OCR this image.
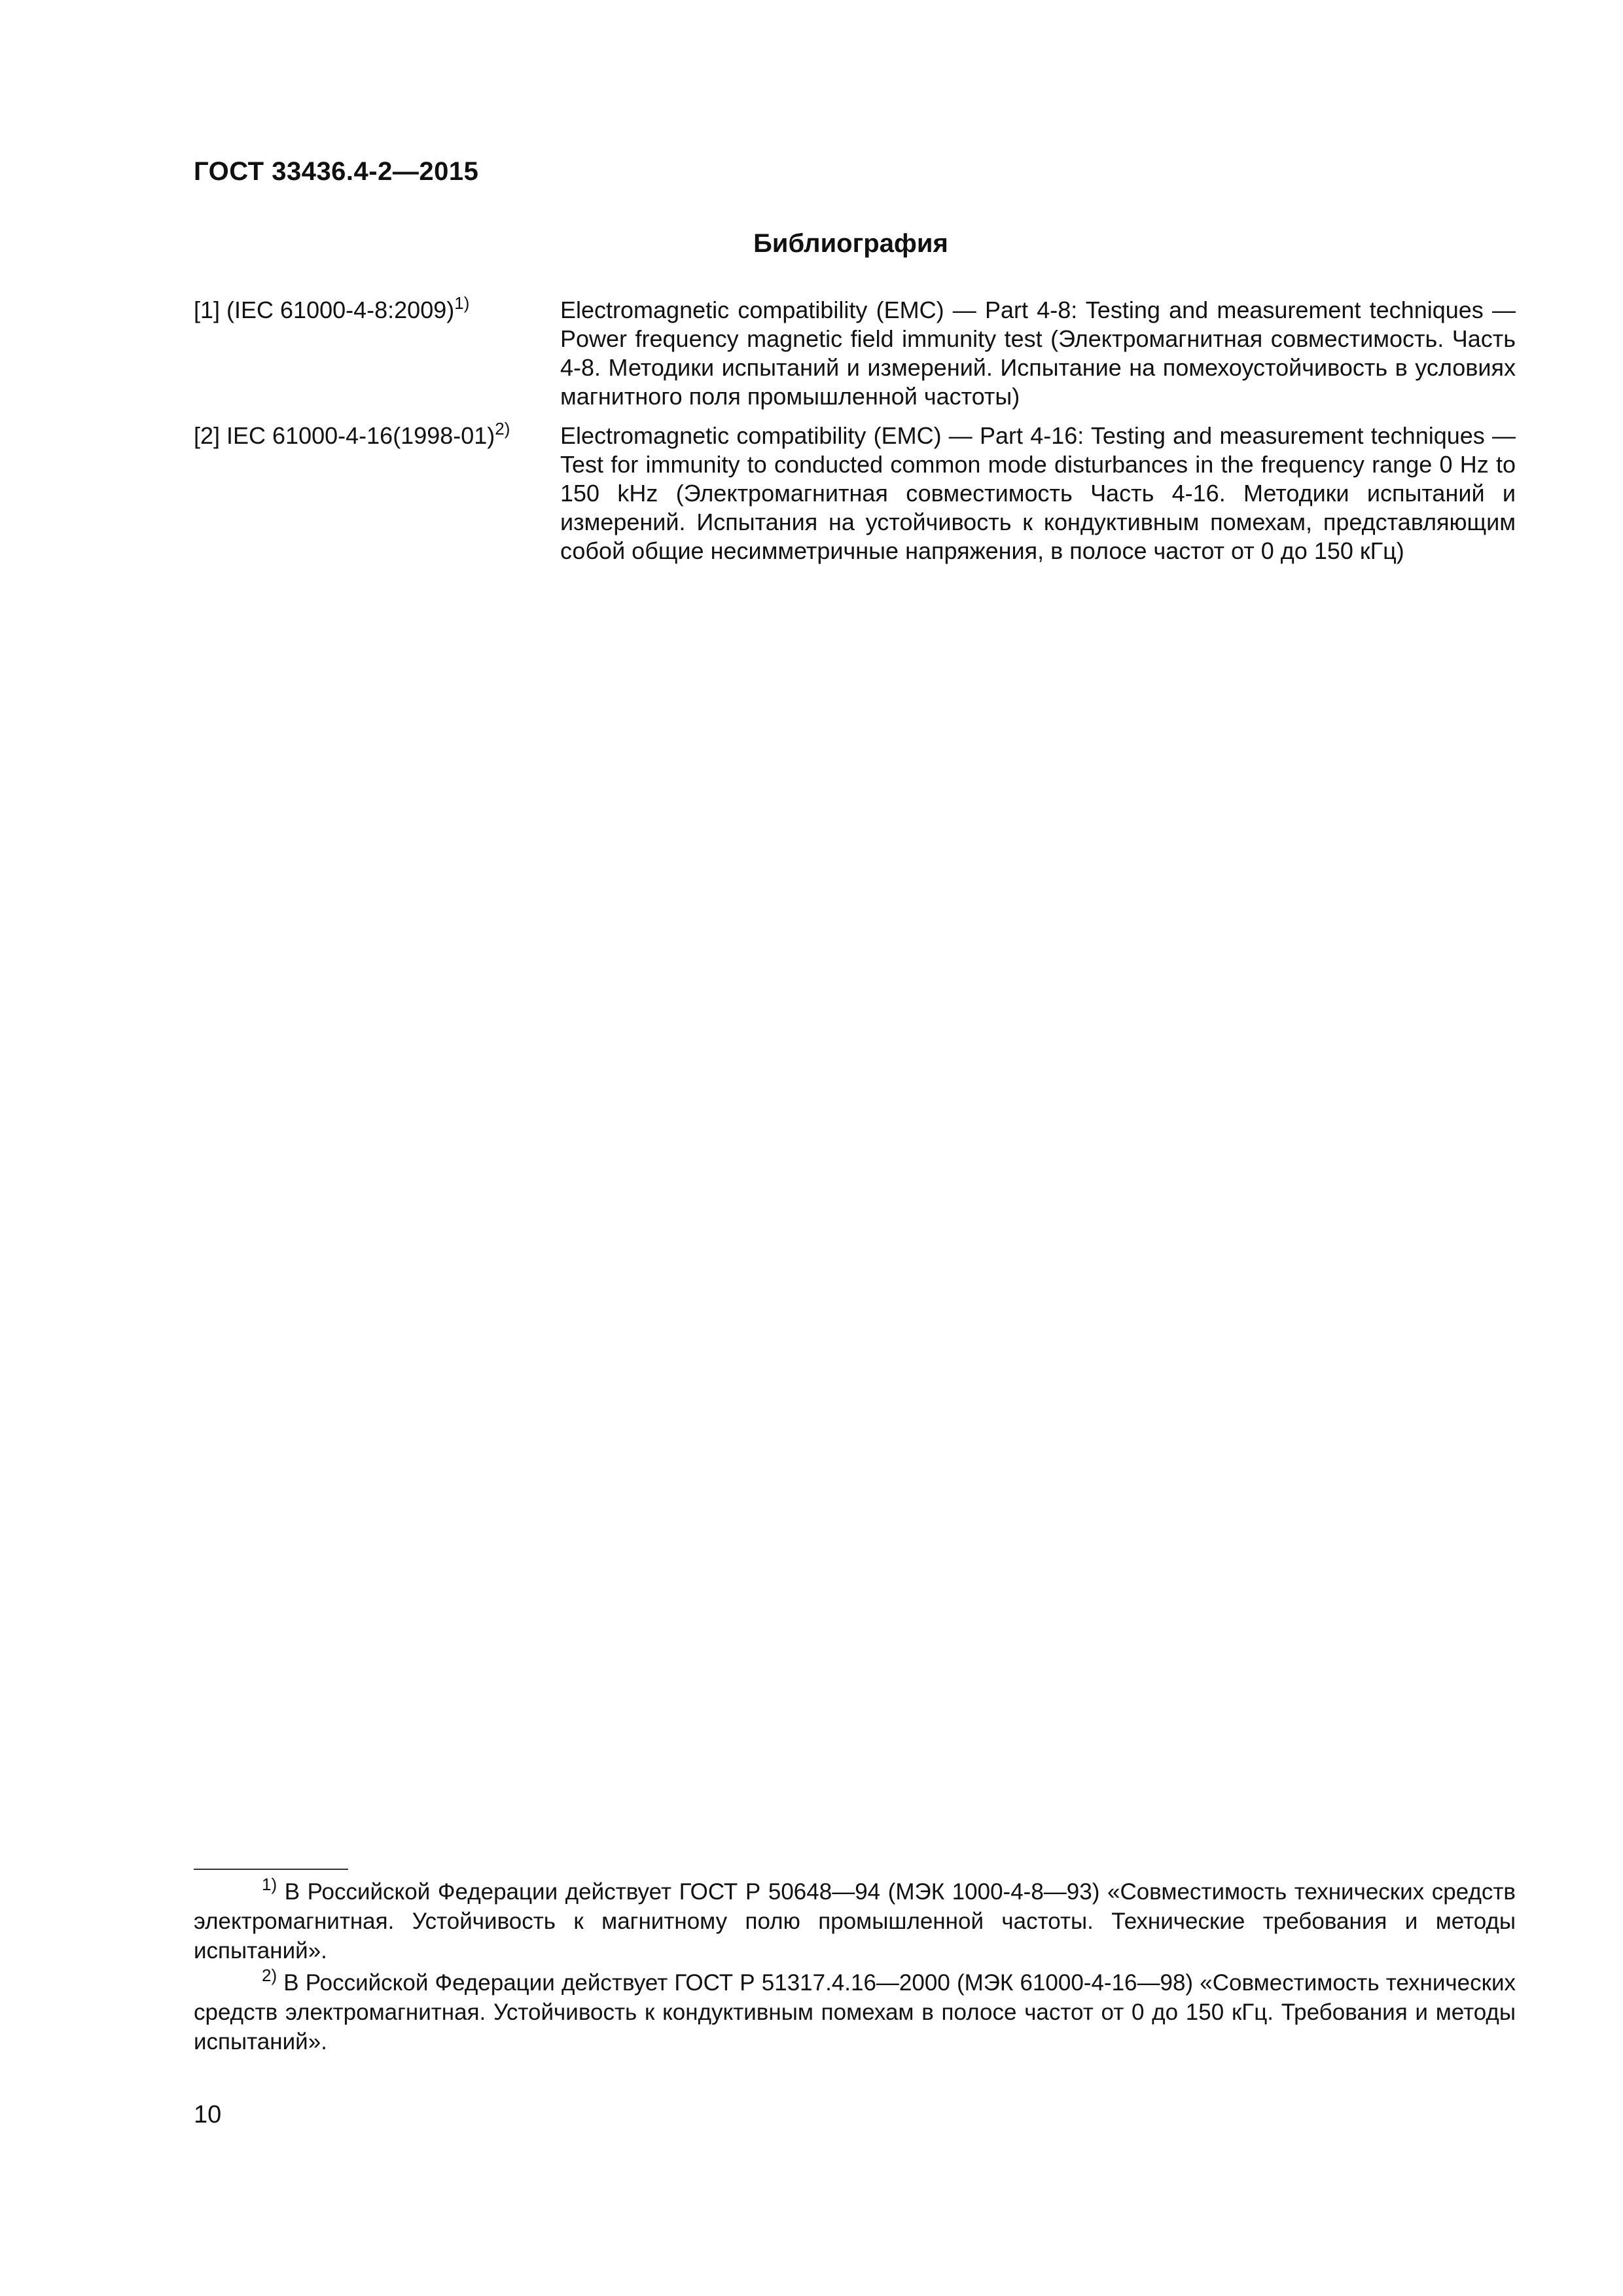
ГОСТ 33436.4-2—2015
Библиография
[1] (IEC 61000-4-8:2009)$^{1)}$	Electromagnetic compatibility (EMC) — Part 4-8: Testing and measurement techniques — Power frequency magnetic field immunity test (Электромагнитная совместимость. Часть 4-8. Методики испытаний и измерений. Испытание на помехоустойчивость в условиях магнитного поля промышленной частоты)
[2] IEC 61000-4-16(1998-01)$^{2)}$	Electromagnetic compatibility (EMC) — Part 4-16: Testing and measurement techniques —Test for immunity to conducted common mode disturbances in the frequency range 0 Hz to 150 kHz (Электромагнитная совместимость Часть 4-16. Методики испытаний и измерений. Испытания на устойчивость к кондуктивным помехам, представляющим собой общие несимметричные напряжения, в полосе частот от 0 до 150 кГц)

$^{1)}$ В Российской Федерации действует ГОСТ Р 50648—94 (МЭК 1000-4-8—93) «Совместимость технических средств электромагнитная. Устойчивость к магнитному полю промышленной частоты. Технические требования и методы испытаний».

$^{2)}$ В Российской Федерации действует ГОСТ Р 51317.4.16—2000 (МЭК 61000-4-16—98) «Совместимость технических средств электромагнитная. Устойчивость к кондуктивным помехам в полосе частот от 0 до 150 кГц. Требования и методы испытаний».

10
